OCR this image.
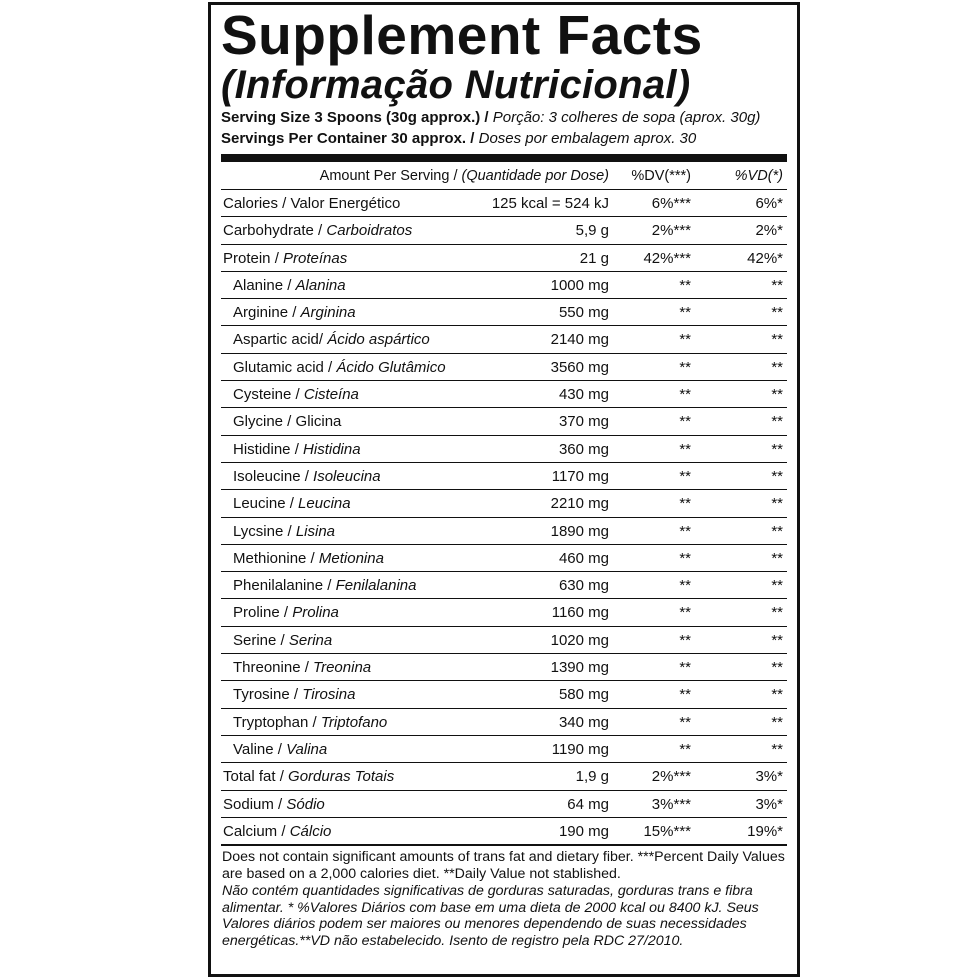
Supplement Facts
(Informação Nutricional)
Serving Size 3 Spoons (30g approx.) / Porção: 3 colheres de sopa (aprox. 30g)
Servings Per Container 30 approx. / Doses por embalagem aprox. 30
Amount Per Serving / (Quantidade por Dose) %DV(***)	%VD(*)
Calories / Valor Energético	125 kcal = 524 kJ	6%***	6%*
Carbohydrate / Carboidratos	5,9 g	2%***	2%*
Protein / Proteínas	21 g 42%***	42%*
Alanine / Alanina	1000 mg	**	**
Arginine / Arginina	550 mg	**	**
Aspartic acid/ Ácido aspártico	2140 mg	**	**
Glutamic acid / Ácido Glutâmico	3560 mg	**	**
Cysteine / Cisteína	430 mg	**	**
Glycine / Glicina	370 mg	**	**
Histidine / Histidina	360 mg	**	**
Isoleucine / Isoleucina	1170 mg	**	**
Leucine / Leucina	2210 mg	**	**
Lycsine / Lisina	1890 mg	**	**
Methionine / Metionina	460 mg	**	**
Phenilalanine / Fenilalanina	630 mg	**	**
Proline / Prolina	1160 mg	**	**
Serine / Serina	1020 mg	**	**
Threonine / Treonina	1390 mg	**	**
Tyrosine / Tirosina	580 mg	**	**
Tryptophan / Triptofano	340 mg	**	**
Valine / Valina	1190 mg	**	**
Total fat / Gorduras Totais	1,9 g	2%***	3%*
Sodium / Sódio	64 mg	3%***	3%*
Calcium / Cálcio	190 mg 15%***	19%*
Does not contain significant amounts of trans fat and dietary fiber. ***Percent Daily Values are based on a 2,000 calories diet. **Daily Value not stablished.
Não contém quantidades significativas de gorduras saturadas, gorduras trans e fibra alimentar. * %Valores Diários com base em uma dieta de 2000 kcal ou 8400 kJ. Seus Valores diários podem ser maiores ou menores dependendo de suas necessidades energéticas.**VD não estabelecido. Isento de registro pela RDC 27/2010.
